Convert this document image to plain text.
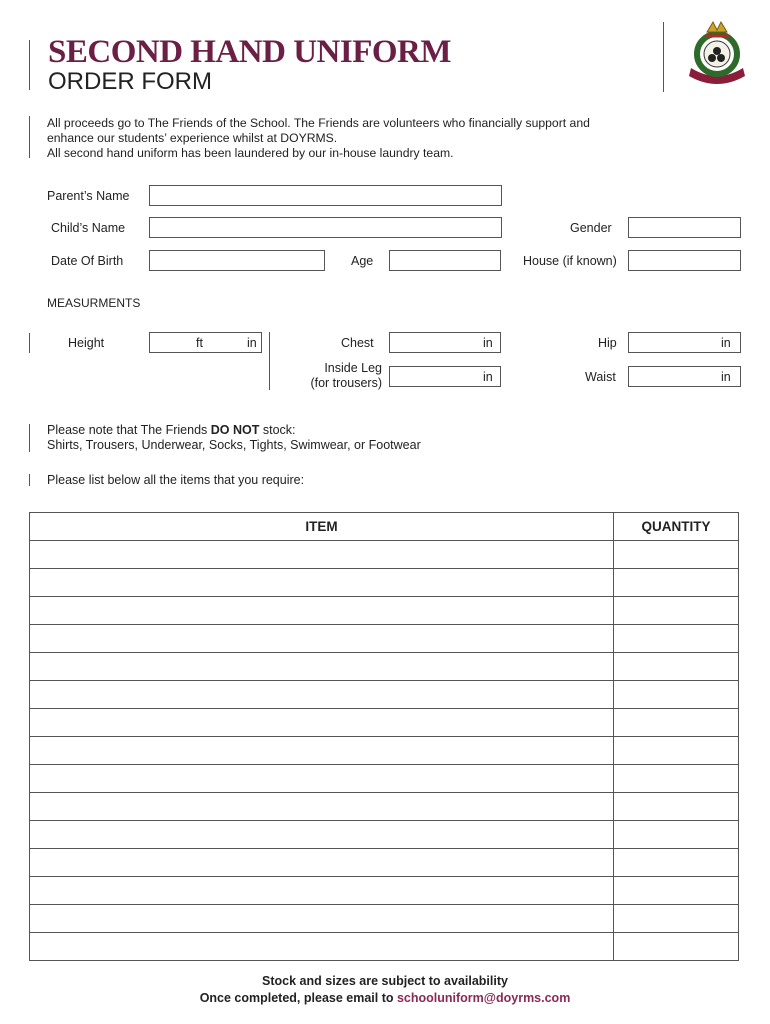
SECOND HAND UNIFORM
ORDER FORM
All proceeds go to The Friends of the School. The Friends are volunteers who financially support and
enhance our students’ experience whilst at DOYRMS.
All second hand uniform has been laundered by our in-house laundry team.
Parent’s Name
Child’s Name	Gender
Date Of Birth	Age	House (if known)
MEASURMENTS
Height	ft	in	Chest	in	Hip	in
Inside Leg
(for trousers)	in	Waist	in
Please note that The Friends DO NOT stock:
Shirts, Trousers, Underwear, Socks, Tights, Swimwear, or Footwear
Please list below all the items that you require:
ITEM	QUANTITY

Stock and sizes are subject to availability
Once completed, please email to schooluniform@doyrms.com
